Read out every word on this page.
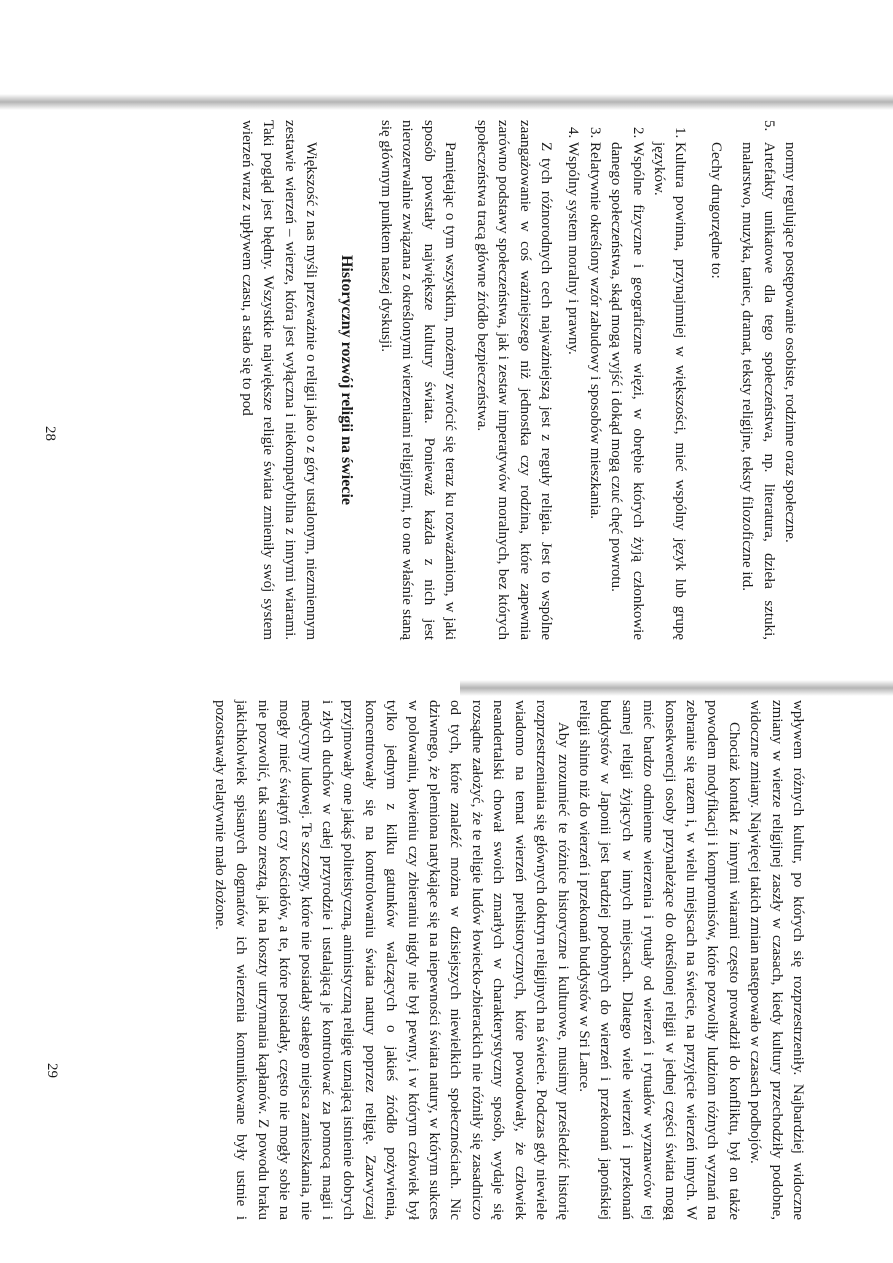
28
29

normy regulujące postępowanie osobiste, rodzinne oraz społeczne.

5. Artefakty unikatowe dla tego społeczeństwa, np. literatura, dzieła sztuki, malarstwo, muzyka, taniec, dramat, teksty religijne, teksty filozoficzne itd.

Cechy drugorzędne to:

1. Kultura powinna, przynajmniej w większości, mieć wspólny język lub grupę języków.
2. Wspólne fizyczne i geograficzne więzi, w obrębie których żyją członkowie danego społeczeństwa, skąd mogą wyjść i dokąd mogą czuć chęć powrotu.
3. Relatywnie określony wzór zabudowy i sposobów mieszkania.
4. Wspólny system moralny i prawny.

Z tych różnorodnych cech najważniejszą jest z reguły religia. Jest to wspólne zaangażowanie w coś ważniejszego niż jednostka czy rodzina, które zapewnia zarówno podstawy społeczeństwa, jak i zestaw imperatywów moralnych, bez których społeczeństwa tracą główne źródło bezpieczeństwa.

Pamiętając o tym wszystkim, możemy zwrócić się teraz ku rozważaniom, w jaki sposób powstały największe kultury świata. Ponieważ każda z nich jest nierozerwalnie związana z określonymi wierzeniami religijnymi, to one właśnie staną się głównym punktem naszej dyskusji.

Historyczny rozwój religii na świecie

Większość z nas myśli przeważnie o religii jako o z góry ustalonym, niezmiennym zestawie wierzeń – wierze, która jest wyłączna i niekompatybilna z innymi wiarami. Taki pogląd jest błędny. Wszystkie największe religie świata zmieniły swój system wierzeń wraz z upływem czasu, a stało się to pod

wpływem różnych kultur, po których się rozprzestrzeniły. Najbardziej widoczne zmiany w wierze religijnej zaszły w czasach, kiedy kultury przechodziły podobne, widoczne zmiany. Najwięcej takich zmian następowało w czasach podbojów.

Chociaż kontakt z innymi wiarami często prowadził do konfliktu, był on także powodem modyfikacji i kompromisów, które pozwoliły ludziom różnych wyznań na zebranie się razem i, w wielu miejscach na świecie, na przyjęcie wierzeń innych. W konsekwencji osoby przynależące do określonej religii w jednej części świata mogą mieć bardzo odmienne wierzenia i rytuały od wierzeń i rytuałów wyznawców tej samej religii żyjących w innych miejscach. Dlatego wiele wierzeń i przekonań buddystów w Japonii jest bardziej podobnych do wierzeń i przekonań japońskiej religii shinto niż do wierzeń i przekonań buddystów w Sri Lance.

Aby zrozumieć te różnice historyczne i kulturowe, musimy prześledzić historię rozprzestrzeniania się głównych doktryn religijnych na świecie. Podczas gdy niewiele wiadomo na temat wierzeń prehistorycznych, które powodowały, że człowiek neandertalski chował swoich zmarłych w charakterystyczny sposób, wydaje się rozsądne założyć, że te religie ludów łowiecko-zbierackich nie różniły się zasadniczo od tych, które znaleźć można w dzisiejszych niewielkich społecznościach. Nic dziwnego, że plemiona natykające się na niepewności świata natury, w którym sukces w polowaniu, łowieniu czy zbieraniu nigdy nie był pewny, i w którym człowiek był tylko jednym z kilku gatunków walczących o jakieś źródło pożywienia, koncentrowały się na kontrolowaniu świata natury poprzez religię. Zazwyczaj przyjmowały one jakąś politeistyczną, animistyczną religię uznającą istnienie dobrych i złych duchów w całej przyrodzie i ustalającą je kontrolować za pomocą magii i medycyny ludowej. Te szczepy, które nie posiadały stałego miejsca zamieszkania, nie mogły mieć świątyń czy kościołów, a te, które posiadały, często nie mogły sobie na nie pozwolić, tak samo zresztą, jak na koszty utrzymania kapłanów. Z powodu braku jakichkolwiek spisanych dogmatów ich wierzenia komunikowane były ustnie i pozostawały relatywnie mało złożone.
